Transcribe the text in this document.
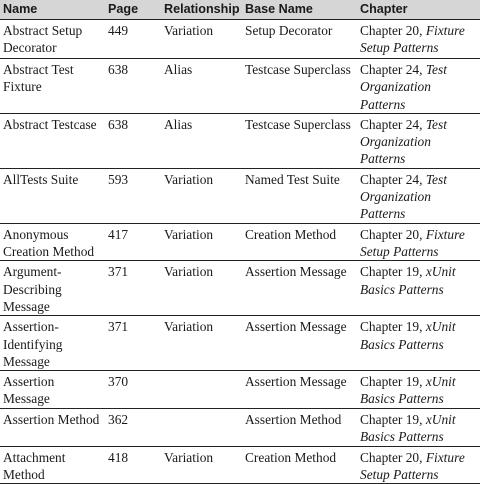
Name	Page	Relationship	Base Name	Chapter
Abstract Setup Decorator	449	Variation	Setup Decorator	Chapter 20, Fixture Setup Patterns
Abstract Test Fixture	638	Alias	Testcase Superclass	Chapter 24, Test Organization Patterns
Abstract Testcase	638	Alias	Testcase Superclass	Chapter 24, Test Organization Patterns
AllTests Suite	593	Variation	Named Test Suite	Chapter 24, Test Organization Patterns
Anonymous Creation Method	417	Variation	Creation Method	Chapter 20, Fixture Setup Patterns
Argument-Describing Message	371	Variation	Assertion Message	Chapter 19, xUnit Basics Patterns
Assertion-Identifying Message	371	Variation	Assertion Message	Chapter 19, xUnit Basics Patterns
Assertion Message	370		Assertion Message	Chapter 19, xUnit Basics Patterns
Assertion Method	362		Assertion Method	Chapter 19, xUnit Basics Patterns
Attachment Method	418	Variation	Creation Method	Chapter 20, Fixture Setup Patterns
